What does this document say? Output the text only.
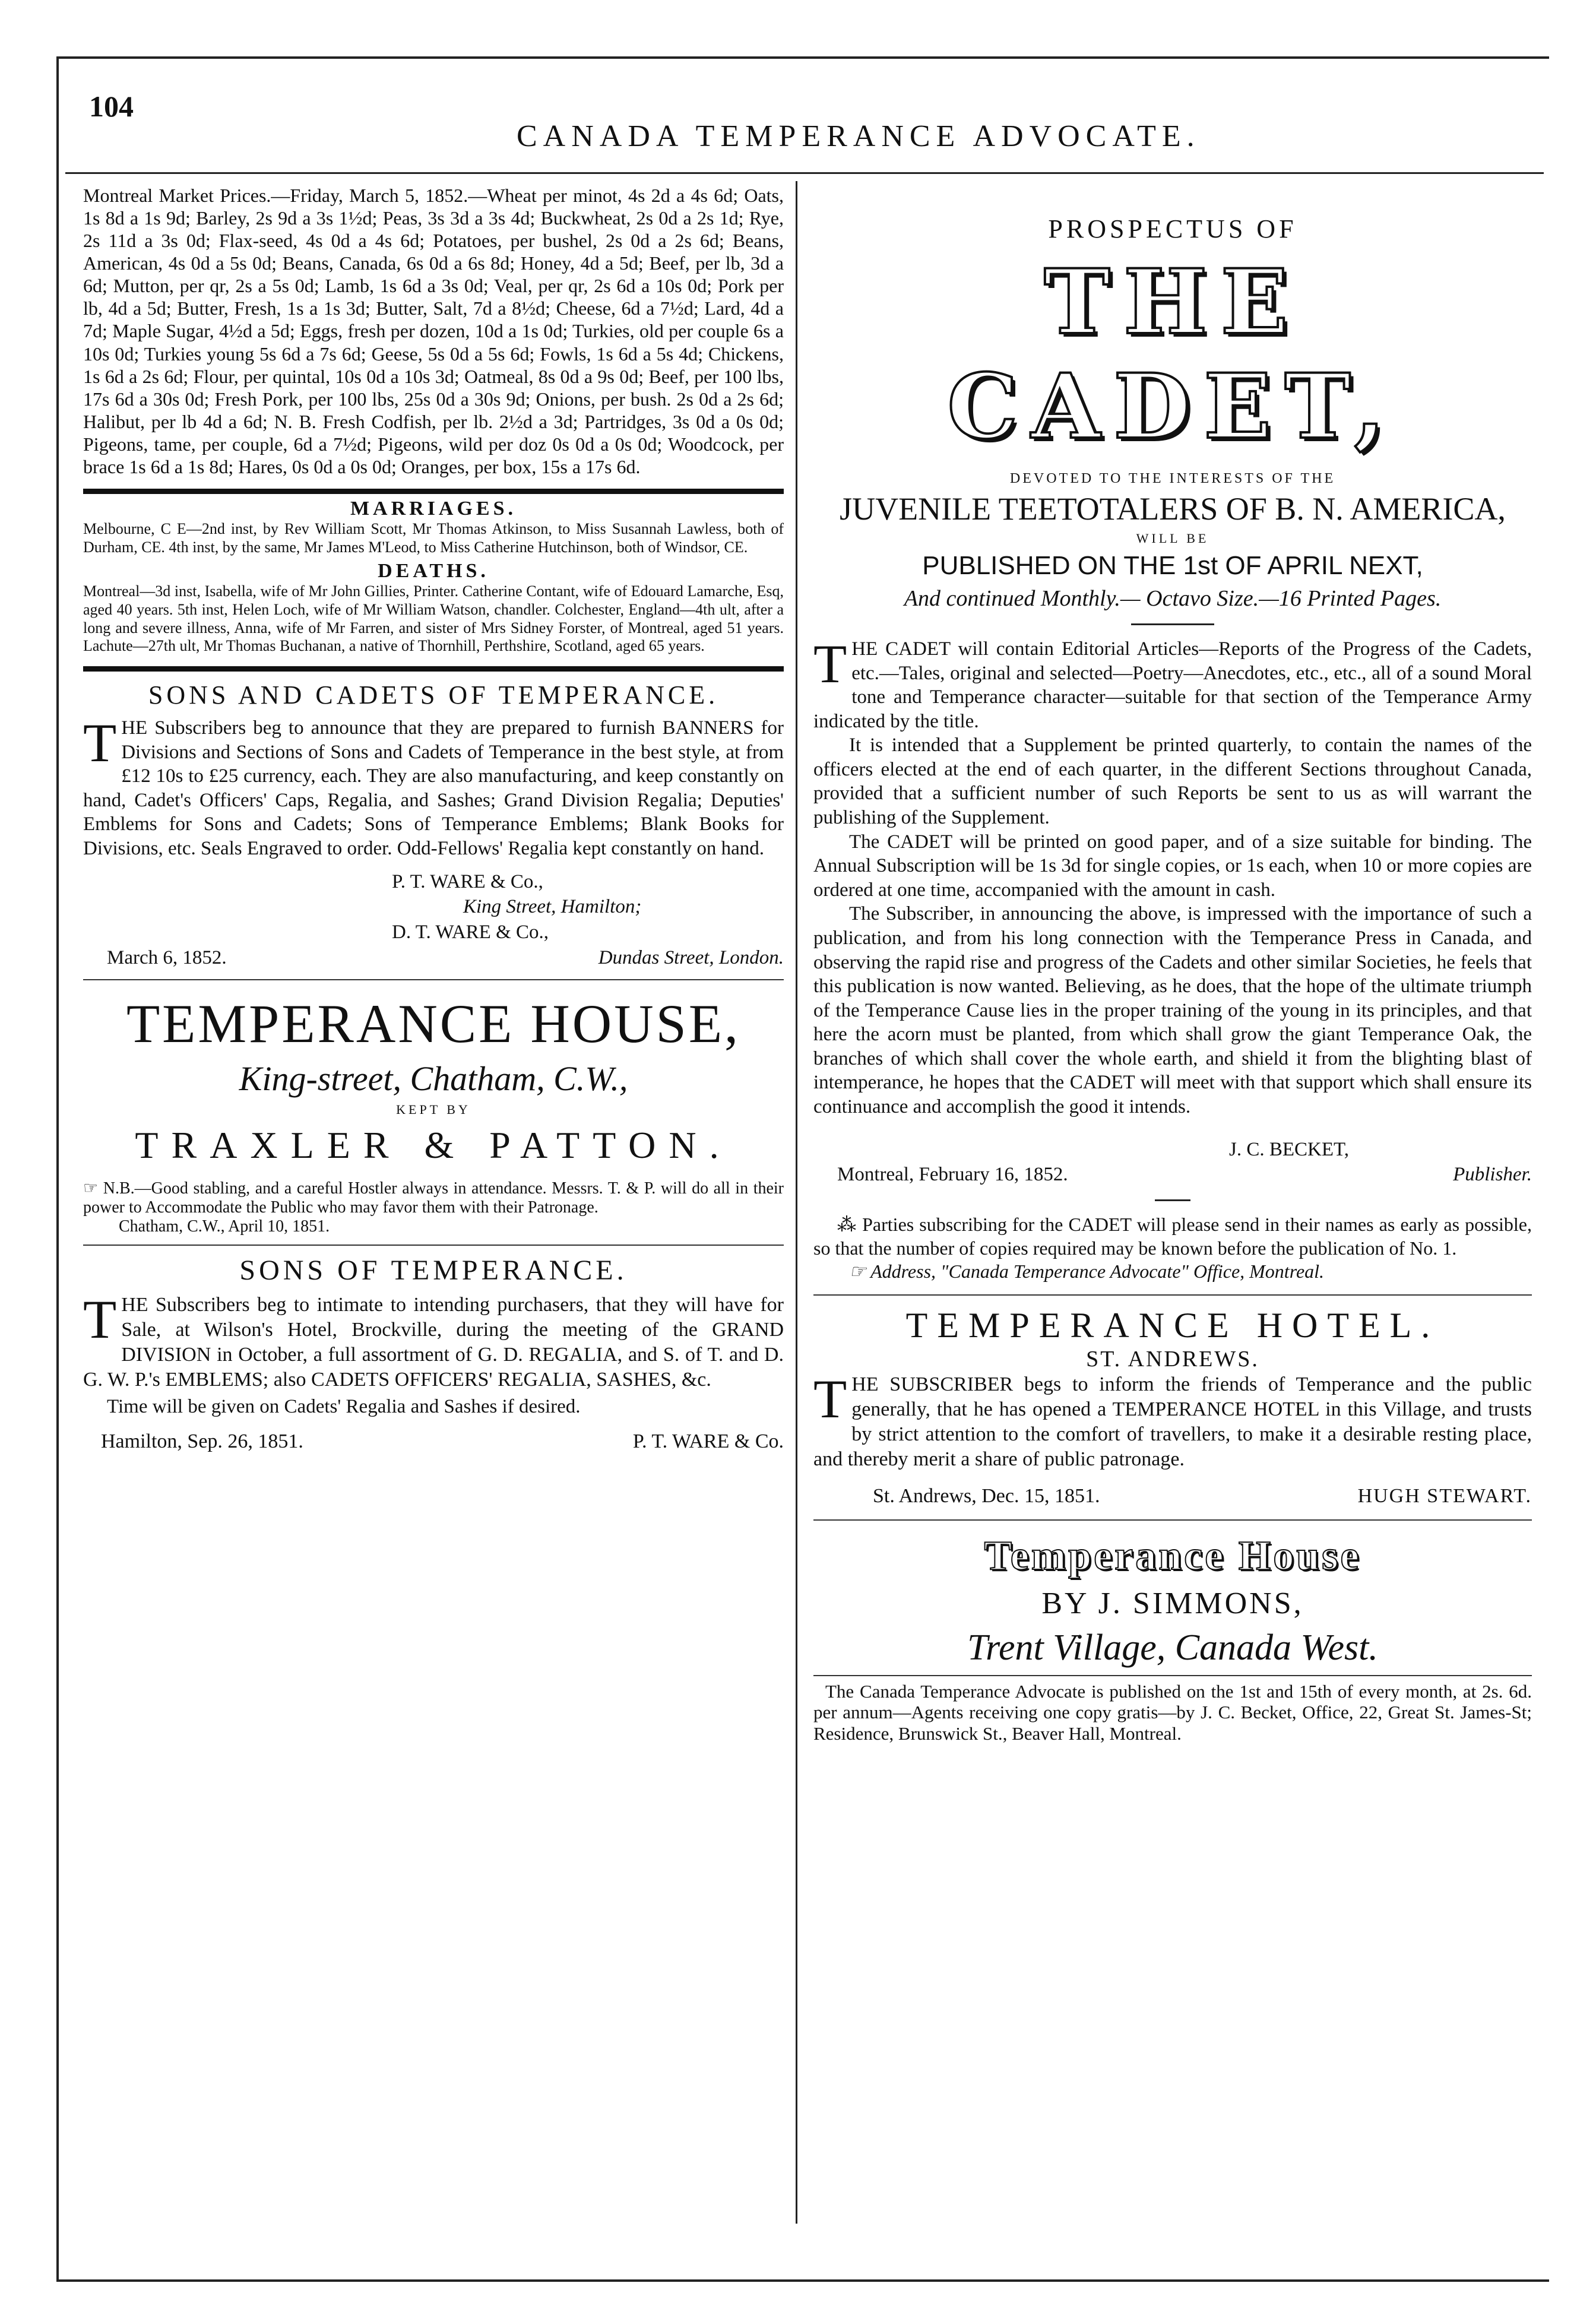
104
CANADA TEMPERANCE ADVOCATE.

Montreal Market Prices.—Friday, March 5, 1852.—Wheat per minot, 4s 2d a 4s 6d; Oats, 1s 8d a 1s 9d; Barley, 2s 9d a 3s 1½d; Peas, 3s 3d a 3s 4d; Buckwheat, 2s 0d a 2s 1d; Rye, 2s 11d a 3s 0d; Flax-seed, 4s 0d a 4s 6d; Potatoes, per bushel, 2s 0d a 2s 6d; Beans, American, 4s 0d a 5s 0d; Beans, Canada, 6s 0d a 6s 8d; Honey, 4d a 5d; Beef, per lb, 3d a 6d; Mutton, per qr, 2s a 5s 0d; Lamb, 1s 6d a 3s 0d; Veal, per qr, 2s 6d a 10s 0d; Pork per lb, 4d a 5d; Butter, Fresh, 1s a 1s 3d; Butter, Salt, 7d a 8½d; Cheese, 6d a 7½d; Lard, 4d a 7d; Maple Sugar, 4½d a 5d; Eggs, fresh per dozen, 10d a 1s 0d; Turkies, old per couple 6s a 10s 0d; Turkies young 5s 6d a 7s 6d; Geese, 5s 0d a 5s 6d; Fowls, 1s 6d a 5s 4d; Chickens, 1s 6d a 2s 6d; Flour, per quintal, 10s 0d a 10s 3d; Oatmeal, 8s 0d a 9s 0d; Beef, per 100 lbs, 17s 6d a 30s 0d; Fresh Pork, per 100 lbs, 25s 0d a 30s 9d; Onions, per bush. 2s 0d a 2s 6d; Halibut, per lb 4d a 6d; N. B. Fresh Codfish, per lb. 2½d a 3d; Partridges, 3s 0d a 0s 0d; Pigeons, tame, per couple, 6d a 7½d; Pigeons, wild per doz 0s 0d a 0s 0d; Woodcock, per brace 1s 6d a 1s 8d; Hares, 0s 0d a 0s 0d; Oranges, per box, 15s a 17s 6d.

MARRIAGES.

Melbourne, C E—2nd inst, by Rev William Scott, Mr Thomas Atkinson, to Miss Susannah Lawless, both of Durham, CE. 4th inst, by the same, Mr James M'Leod, to Miss Catherine Hutchinson, both of Windsor, CE.

DEATHS.

Montreal—3d inst, Isabella, wife of Mr John Gillies, Printer. Catherine Contant, wife of Edouard Lamarche, Esq, aged 40 years. 5th inst, Helen Loch, wife of Mr William Watson, chandler. Colchester, England—4th ult, after a long and severe illness, Anna, wife of Mr Farren, and sister of Mrs Sidney Forster, of Montreal, aged 51 years. Lachute—27th ult, Mr Thomas Buchanan, a native of Thornhill, Perthshire, Scotland, aged 65 years.

SONS AND CADETS OF TEMPERANCE.

THE Subscribers beg to announce that they are prepared to furnish BANNERS for Divisions and Sections of Sons and Cadets of Temperance in the best style, at from £12 10s to £25 currency, each. They are also manufacturing, and keep constantly on hand, Cadet's Officers' Caps, Regalia, and Sashes; Grand Division Regalia; Deputies' Emblems for Sons and Cadets; Sons of Temperance Emblems; Blank Books for Divisions, etc. Seals Engraved to order. Odd-Fellows' Regalia kept constantly on hand.

P. T. WARE & Co.,
King Street, Hamilton;
D. T. WARE & Co.,
March 6, 1852.	Dundas Street, London.
TEMPERANCE HOUSE,
King-street, Chatham, C.W.,
KEPT BY
TRAXLER & PATTON.

☞ N.B.—Good stabling, and a careful Hostler always in attendance. Messrs. T. & P. will do all in their power to Accommodate the Public who may favor them with their Patronage.

Chatham, C.W., April 10, 1851.

SONS OF TEMPERANCE.

THE Subscribers beg to intimate to intending purchasers, that they will have for Sale, at Wilson's Hotel, Brockville, during the meeting of the GRAND DIVISION in October, a full assortment of G. D. REGALIA, and S. of T. and D. G. W. P.'s EMBLEMS; also CADETS OFFICERS' REGALIA, SASHES, &c.

Time will be given on Cadets' Regalia and Sashes if desired.

Hamilton, Sep. 26, 1851.	P. T. WARE & Co.

PROSPECTUS OF

THE CADET,

DEVOTED TO THE INTERESTS OF THE

JUVENILE TEETOTALERS OF B. N. AMERICA,

WILL BE

PUBLISHED ON THE 1st OF APRIL NEXT,

And continued Monthly.— Octavo Size.—16 Printed Pages.

THE CADET will contain Editorial Articles—Reports of the Progress of the Cadets, etc.—Tales, original and selected—Poetry—Anecdotes, etc., etc., all of a sound Moral tone and Temperance character—suitable for that section of the Temperance Army indicated by the title.

It is intended that a Supplement be printed quarterly, to contain the names of the officers elected at the end of each quarter, in the different Sections throughout Canada, provided that a sufficient number of such Reports be sent to us as will warrant the publishing of the Supplement.

The CADET will be printed on good paper, and of a size suitable for binding. The Annual Subscription will be 1s 3d for single copies, or 1s each, when 10 or more copies are ordered at one time, accompanied with the amount in cash.

The Subscriber, in announcing the above, is impressed with the importance of such a publication, and from his long connection with the Temperance Press in Canada, and observing the rapid rise and progress of the Cadets and other similar Societies, he feels that this publication is now wanted. Believing, as he does, that the hope of the ultimate triumph of the Temperance Cause lies in the proper training of the young in its principles, and that here the acorn must be planted, from which shall grow the giant Temperance Oak, the branches of which shall cover the whole earth, and shield it from the blighting blast of intemperance, he hopes that the CADET will meet with that support which shall ensure its continuance and accomplish the good it intends.

J. C. BECKET,
Montreal, February 16, 1852.	Publisher.

⁂ Parties subscribing for the CADET will please send in their names as early as possible, so that the number of copies required may be known before the publication of No. 1.

☞ Address, "Canada Temperance Advocate" Office, Montreal.

TEMPERANCE HOTEL.

ST. ANDREWS.

THE SUBSCRIBER begs to inform the friends of Temperance and the public generally, that he has opened a TEMPERANCE HOTEL in this Village, and trusts by strict attention to the comfort of travellers, to make it a desirable resting place, and thereby merit a share of public patronage.

St. Andrews, Dec. 15, 1851.	HUGH STEWART.
Temperance House

BY J. SIMMONS,

Trent Village, Canada West.

The Canada Temperance Advocate is published on the 1st and 15th of every month, at 2s. 6d. per annum—Agents receiving one copy gratis—by J. C. Becket, Office, 22, Great St. James-St; Residence, Brunswick St., Beaver Hall, Montreal.
